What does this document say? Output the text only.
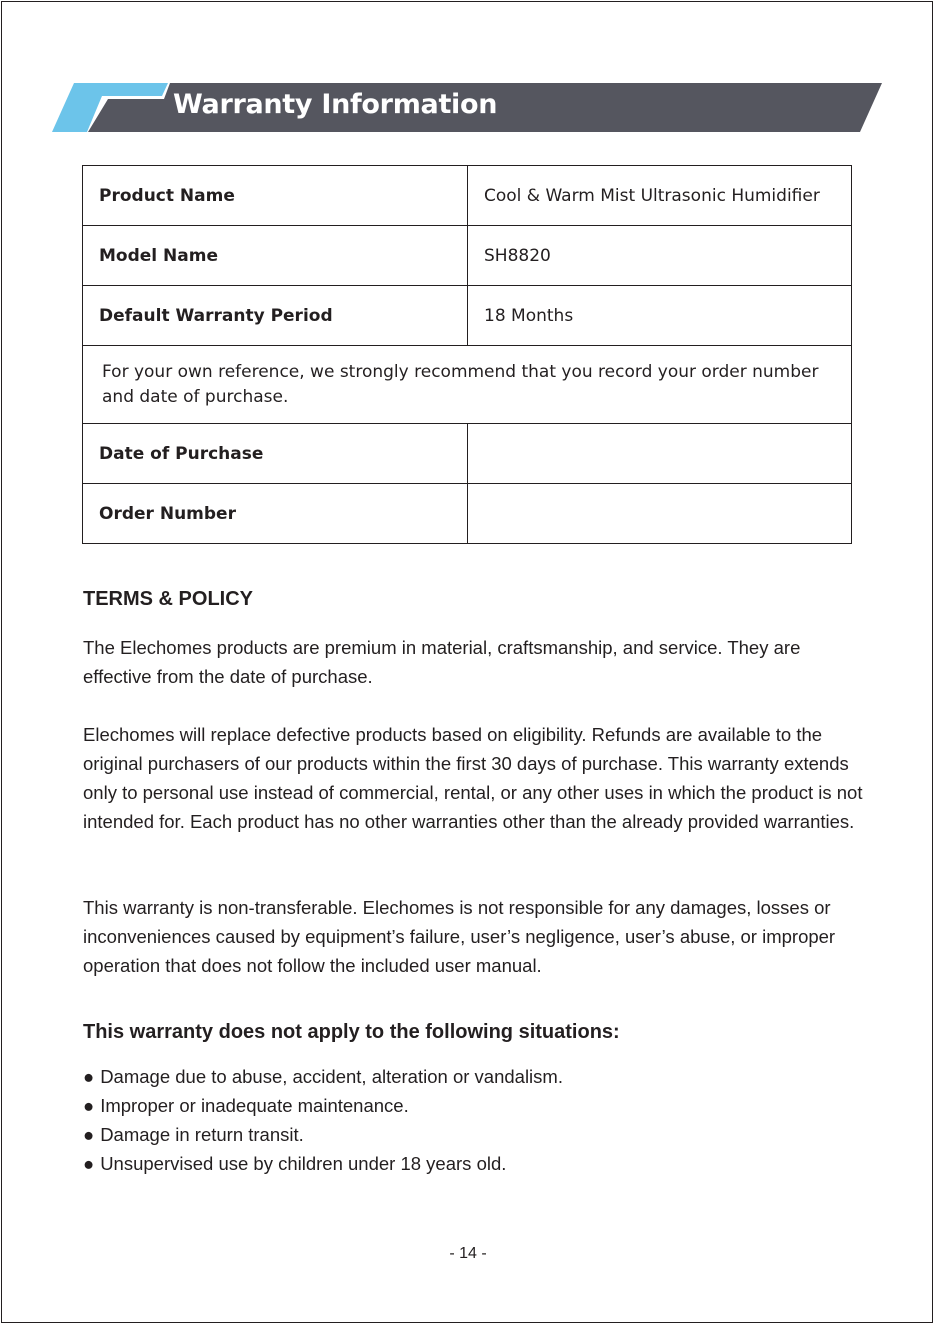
Warranty Information
Product Name	Cool & Warm Mist Ultrasonic Humidifier
Model Name	SH8820
Default Warranty Period	18 Months
For your own reference, we strongly recommend that you record your order number and date of purchase.	
Date of Purchase	
Order Number	
TERMS & POLICY

The Elechomes products are premium in material, craftsmanship, and service. They are effective from the date of purchase.

Elechomes will replace defective products based on eligibility. Refunds are available to the original purchasers of our products within the first 30 days of purchase. This warranty extends only to personal use instead of commercial, rental, or any other uses in which the product is not intended for. Each product has no other warranties other than the already provided warranties.

This warranty is non-transferable. Elechomes is not responsible for any damages, losses or inconveniences caused by equipment’s failure, user’s negligence, user’s abuse, or improper operation that does not follow the included user manual.

This warranty does not apply to the following situations:
● Damage due to abuse, accident, alteration or vandalism.
● Improper or inadequate maintenance.
● Damage in return transit.
● Unsupervised use by children under 18 years old.
- 14 -
